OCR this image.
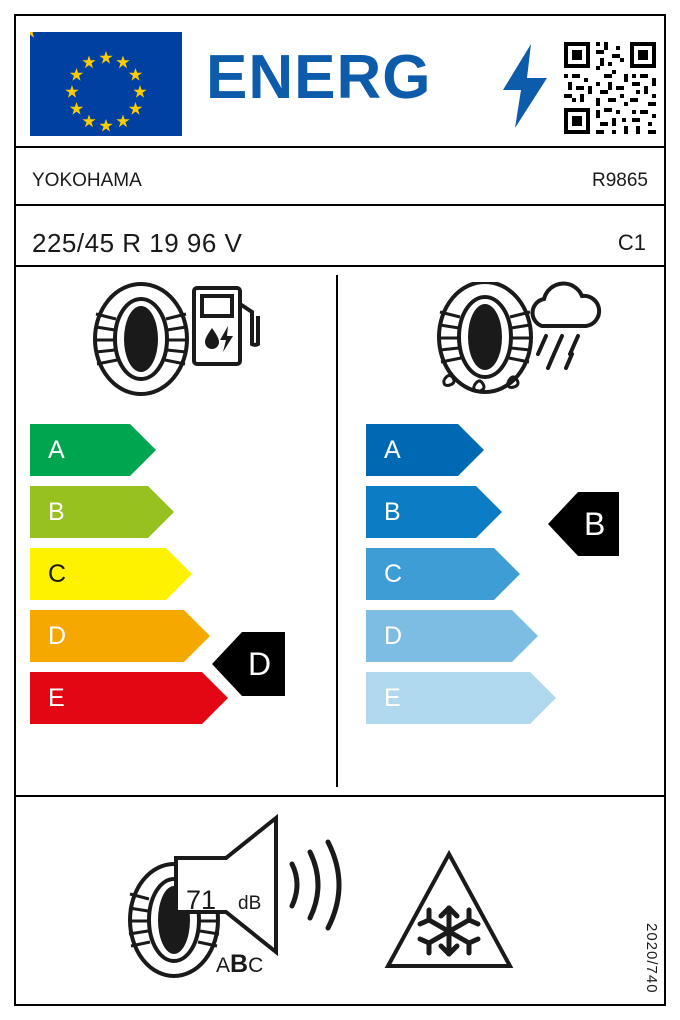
ENERG
YOKOHAMA	R9865
225/45 R 19 96 V	C1
A
B
C
D
E
D
A
B
C
D
E
B
71 dB
ABC	2020/740
